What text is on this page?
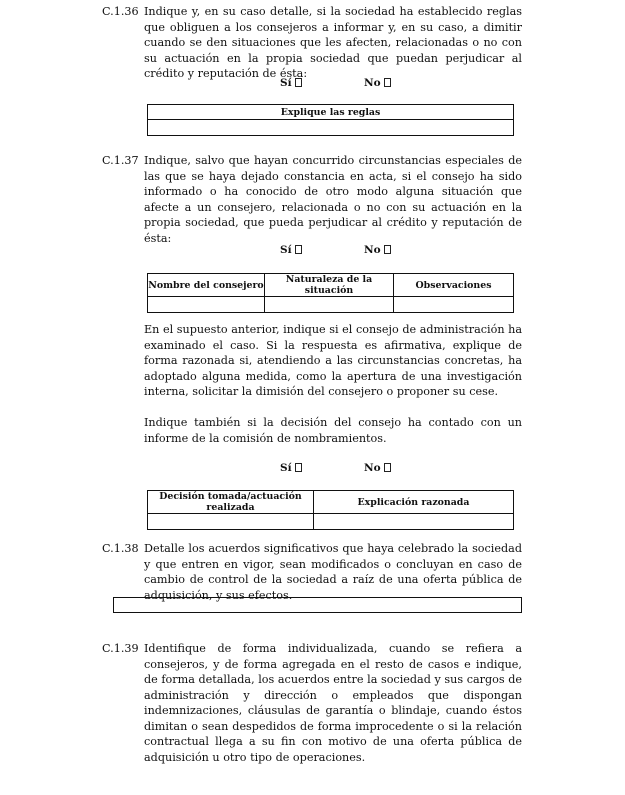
C.1.36 Indique y, en su caso detalle, si la sociedad ha establecido reglas que obliguen a los consejeros a informar y, en su caso, a dimitir cuando se den situaciones que les afecten, relacionadas o no con su actuación en la propia sociedad que puedan perjudicar al crédito y reputación de ésta:
Sí	No
Explique las reglas

C.1.37 Indique, salvo que hayan concurrido circunstancias especiales de las que se haya dejado constancia en acta, si el consejo ha sido informado o ha conocido de otro modo alguna situación que afecte a un consejero, relacionada o no con su actuación en la propia sociedad, que pueda perjudicar al crédito y reputación de ésta:
Sí	No
Nombre del consejero	Naturaleza de la situación	Observaciones

En el supuesto anterior, indique si el consejo de administración ha examinado el caso. Si la respuesta es afirmativa, explique de forma razonada si, atendiendo a las circunstancias concretas, ha adoptado alguna medida, como la apertura de una investigación interna, solicitar la dimisión del consejero o proponer su cese.
Indique también si la decisión del consejo ha contado con un informe de la comisión de nombramientos.
Sí	No
Decisión tomada/actuación realizada	Explicación razonada

C.1.38 Detalle los acuerdos significativos que haya celebrado la sociedad y que entren en vigor, sean modificados o concluyan en caso de cambio de control de la sociedad a raíz de una oferta pública de adquisición, y sus efectos.
C.1.39 Identifique de forma individualizada, cuando se refiera a consejeros, y de forma agregada en el resto de casos e indique, de forma detallada, los acuerdos entre la sociedad y sus cargos de administración y dirección o empleados que dispongan indemnizaciones, cláusulas de garantía o blindaje, cuando éstos dimitan o sean despedidos de forma improcedente o si la relación contractual llega a su fin con motivo de una oferta pública de adquisición u otro tipo de operaciones.
